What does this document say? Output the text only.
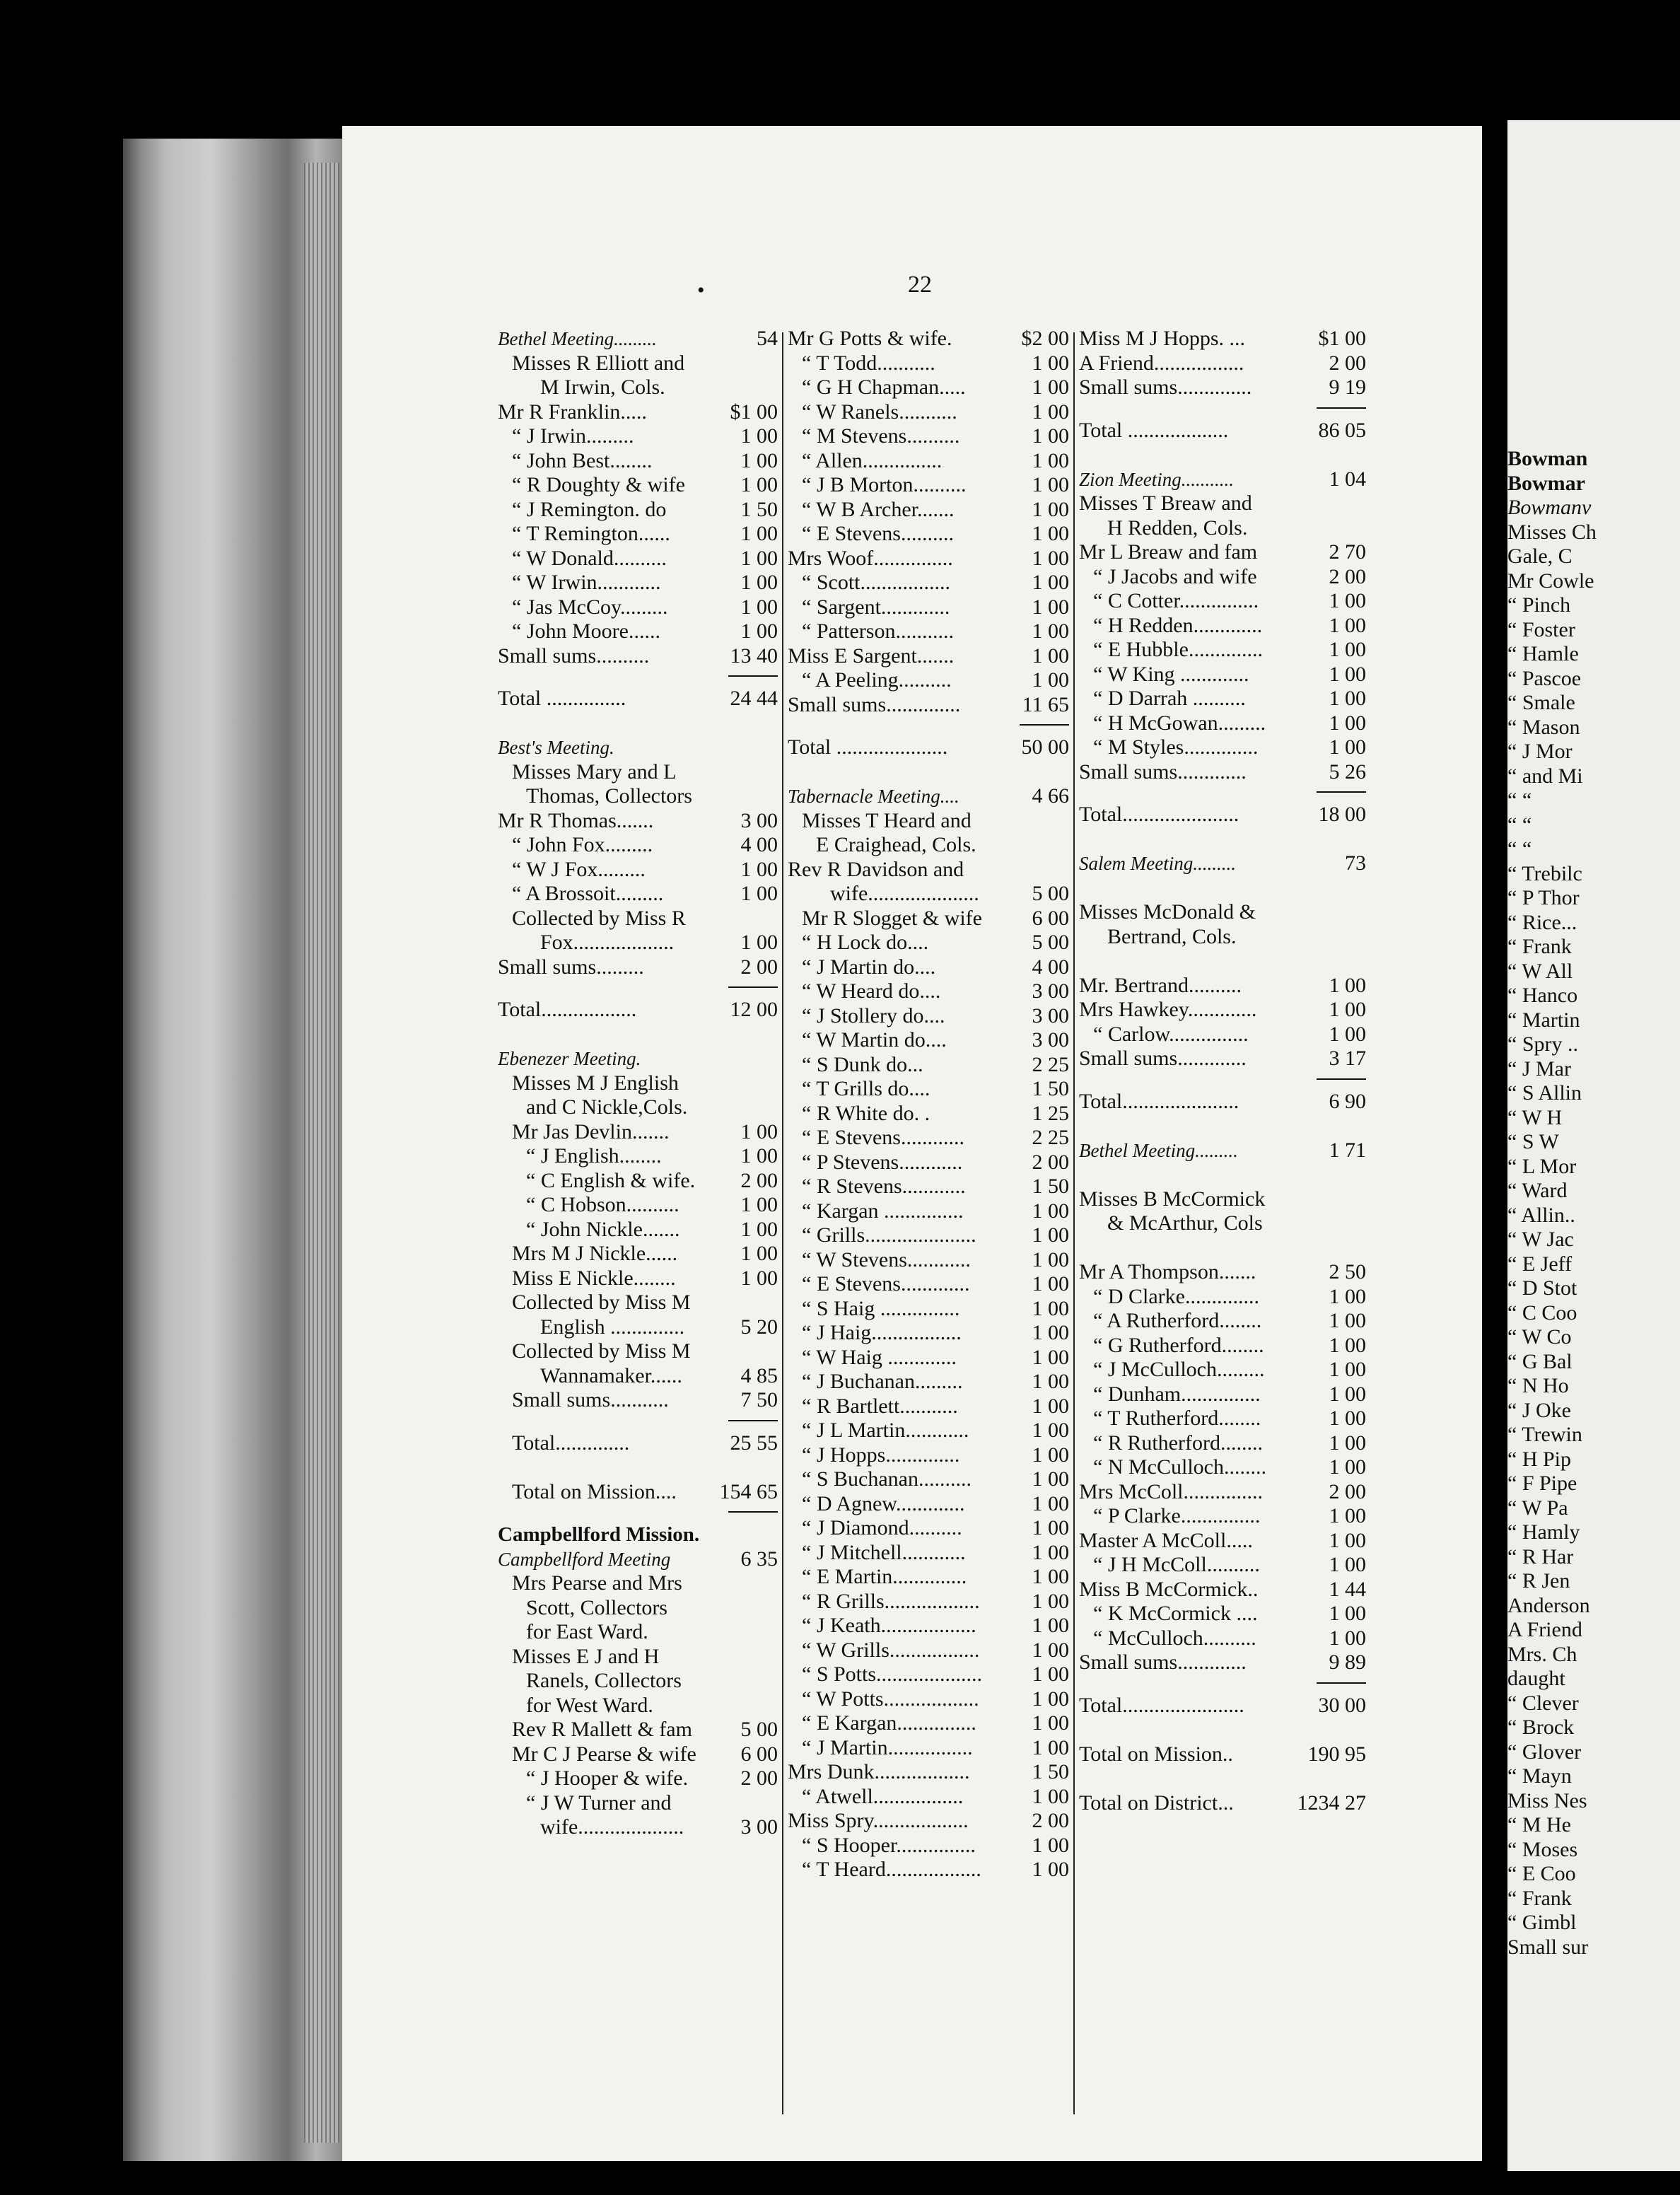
Bowman
Bowmar
Bowmanv
Misses Ch
Gale, C
Mr Cowle
“ Pinch
“ Foster
“ Hamle
“ Pascoe
“ Smale
“ Mason
“ J Mor
“ and Mi
“ “
“ “
“ “
“ Trebilc
“ P Thor
“ Rice...
“ Frank
“ W All
“ Hanco
“ Martin
“ Spry ..
“ J Mar
“ S Allin
“ W H
“ S W
“ L Mor
“ Ward
“ Allin..
“ W Jac
“ E Jeff
“ D Stot
“ C Coo
“ W Co
“ G Bal
“ N Ho
“ J Oke
“ Trewin
“ H Pip
“ F Pipe
“ W Pa
“ Hamly
“ R Har
“ R Jen
Anderson
A Friend
Mrs. Ch
daught
“ Clever
“ Brock
“ Glover
“ Mayn
Miss Nes
“ M He
“ Moses
“ E Coo
“ Frank
“ Gimbl
Small sur
•	22
Bethel Meeting.........	54
Misses R Elliott and
M Irwin, Cols.
Mr R Franklin.....	$1 00
“ J Irwin.........	1 00
“ John Best........	1 00
“ R Doughty & wife	1 00
“ J Remington. do	1 50
“ T Remington......	1 00
“ W Donald..........	1 00
“ W Irwin............	1 00
“ Jas McCoy.........	1 00
“ John Moore......	1 00
Small sums..........	13 40
Total ...............	24 44
Best's Meeting.
Misses Mary and L
Thomas, Collectors
Mr R Thomas.......	3 00
“ John Fox.........	4 00
“ W J Fox.........	1 00
“ A Brossoit.........	1 00
Collected by Miss R
Fox...................	1 00
Small sums.........	2 00
Total..................	12 00
Ebenezer Meeting.
Misses M J English
and C Nickle,Cols.
Mr Jas Devlin.......	1 00
“ J English........	1 00
“ C English & wife.	2 00
“ C Hobson..........	1 00
“ John Nickle.......	1 00
Mrs M J Nickle......	1 00
Miss E Nickle........	1 00
Collected by Miss M
English ..............	5 20
Collected by Miss M
Wannamaker......	4 85
Small sums...........	7 50
Total..............	25 55
Total on Mission....	154 65
Campbellford Mission.
Campbellford Meeting	6 35
Mrs Pearse and Mrs
Scott, Collectors
for East Ward.
Misses E J and H
Ranels, Collectors
for West Ward.
Rev R Mallett & fam	5 00
Mr C J Pearse & wife	6 00
“ J Hooper & wife.	2 00
“ J W Turner and
wife....................	3 00
Mr G Potts & wife.	$2 00
“ T Todd...........	1 00
“ G H Chapman.....	1 00
“ W Ranels...........	1 00
“ M Stevens..........	1 00
“ Allen...............	1 00
“ J B Morton..........	1 00
“ W B Archer.......	1 00
“ E Stevens..........	1 00
Mrs Woof...............	1 00
“ Scott.................	1 00
“ Sargent.............	1 00
“ Patterson...........	1 00
Miss E Sargent.......	1 00
“ A Peeling..........	1 00
Small sums..............	11 65
Total .....................	50 00
Tabernacle Meeting....	4 66
Misses T Heard and
E Craighead, Cols.
Rev R Davidson and
wife.....................	5 00
Mr R Slogget & wife	6 00
“ H Lock do....	5 00
“ J Martin do....	4 00
“ W Heard do....	3 00
“ J Stollery do....	3 00
“ W Martin do....	3 00
“ S Dunk do...	2 25
“ T Grills do....	1 50
“ R White do. .	1 25
“ E Stevens............	2 25
“ P Stevens............	2 00
“ R Stevens............	1 50
“ Kargan ...............	1 00
“ Grills.....................	1 00
“ W Stevens............	1 00
“ E Stevens.............	1 00
“ S Haig ...............	1 00
“ J Haig.................	1 00
“ W Haig .............	1 00
“ J Buchanan.........	1 00
“ R Bartlett...........	1 00
“ J L Martin............	1 00
“ J Hopps..............	1 00
“ S Buchanan..........	1 00
“ D Agnew.............	1 00
“ J Diamond..........	1 00
“ J Mitchell............	1 00
“ E Martin..............	1 00
“ R Grills..................	1 00
“ J Keath..................	1 00
“ W Grills.................	1 00
“ S Potts....................	1 00
“ W Potts..................	1 00
“ E Kargan...............	1 00
“ J Martin................	1 00
Mrs Dunk..................	1 50
“ Atwell.................	1 00
Miss Spry..................	2 00
“ S Hooper...............	1 00
“ T Heard..................	1 00
Miss M J Hopps. ...	$1 00
A Friend.................	2 00
Small sums..............	9 19
Total ...................	86 05
Zion Meeting...........	1 04
Misses T Breaw and
H Redden, Cols.
Mr L Breaw and fam	2 70
“ J Jacobs and wife	2 00
“ C Cotter...............	1 00
“ H Redden.............	1 00
“ E Hubble..............	1 00
“ W King .............	1 00
“ D Darrah ..........	1 00
“ H McGowan.........	1 00
“ M Styles..............	1 00
Small sums.............	5 26
Total......................	18 00
Salem Meeting.........	73
Misses McDonald &
Bertrand, Cols.
Mr. Bertrand..........	1 00
Mrs Hawkey.............	1 00
“ Carlow...............	1 00
Small sums.............	3 17
Total......................	6 90
Bethel Meeting.........	1 71
Misses B McCormick
& McArthur, Cols
Mr A Thompson.......	2 50
“ D Clarke..............	1 00
“ A Rutherford........	1 00
“ G Rutherford........	1 00
“ J McCulloch.........	1 00
“ Dunham...............	1 00
“ T Rutherford........	1 00
“ R Rutherford........	1 00
“ N McCulloch........	1 00
Mrs McColl...............	2 00
“ P Clarke...............	1 00
Master A McColl.....	1 00
“ J H McColl..........	1 00
Miss B McCormick..	1 44
“ K McCormick ....	1 00
“ McCulloch..........	1 00
Small sums.............	9 89
Total.......................	30 00
Total on Mission..	190 95
Total on District...	1234 27
